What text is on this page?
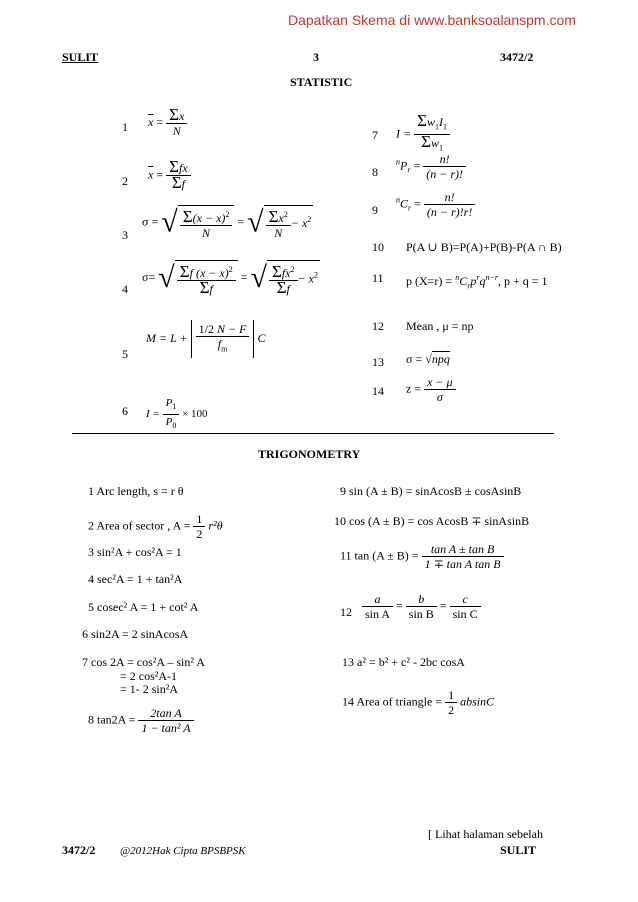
Dapatkan Skema di www.banksoalanspm.com
SULIT	3	3472/2
STATISTIC
1 $\overline{x} = \frac{\Sigma x}{N}$
2 $\overline{x} = \frac{\text{Σfx}}{\Sigma f}$
3
σ = √ $\frac{\Sigma(x - x)^2}{N}$ = √ $\frac{\Sigma x^2}{N} - x^2$
4
σ= √ $\frac{\Sigma f (x - x)^2}{\Sigma f}$ = √ $\frac{\Sigma fx^2}{\Sigma f} - x^2$
5
$M = L + \frac{1/2 N - F}{f_m}$ C
6 $I = \frac{P_1}{P_0} \times 100$
7 $I = \frac{\Sigma w_1I_1}{\Sigma w_1}$
8
$^nP_r = \frac{n!}{(n - r)!}$
9
$^nC_r = \frac{n!}{(n - r)!r!}$
10 P(A ∪ B)=P(A)+P(B)-P(A ∩ B)
11 p $(X=r) = ^nC_rp^rq^{n-r}$, p + q = 1
12 Mean , μ = np
13 σ = √npq
14 $z = \frac{x - \mu}{\sigma}$
TRIGONOMETRY
1 Arc length, s = r θ
2 Area of sector , $A = \frac{1}{2} r^2\theta$
3 sin²A + cos²A = 1
4 sec²A = 1 + tan²A
5 cosec² A = 1 + cot² A
6 sin2A = 2 sinAcosA
7 cos 2A = cos²A – sin² A
= 2 cos²A-1
= 1- 2 sin²A
8 $\tan 2A = \frac{\text{2tan A}}{\text{1 − tan² A}}$
9 sin (A ± B) = sinAcosB ± cosAsinB
10 cos (A ± B) = cos AcosB ∓ sinAsinB
11 $\tan (A \pm B) = \frac{\text{tan A ± tan B}}{\text{1 ∓ tan A tan B}}$
$12 \frac{a}{\text{sin A}} = \frac{b}{\text{sin B}} = \frac{c}{\text{sin C}}$
13 a² = b² + c² - 2bc cosA
14 Area of triangle = $\frac{1}{2}$ absinC
[ Lihat halaman sebelah
3472/2 @2012Hak Cipta BPSBPSK	SULIT
